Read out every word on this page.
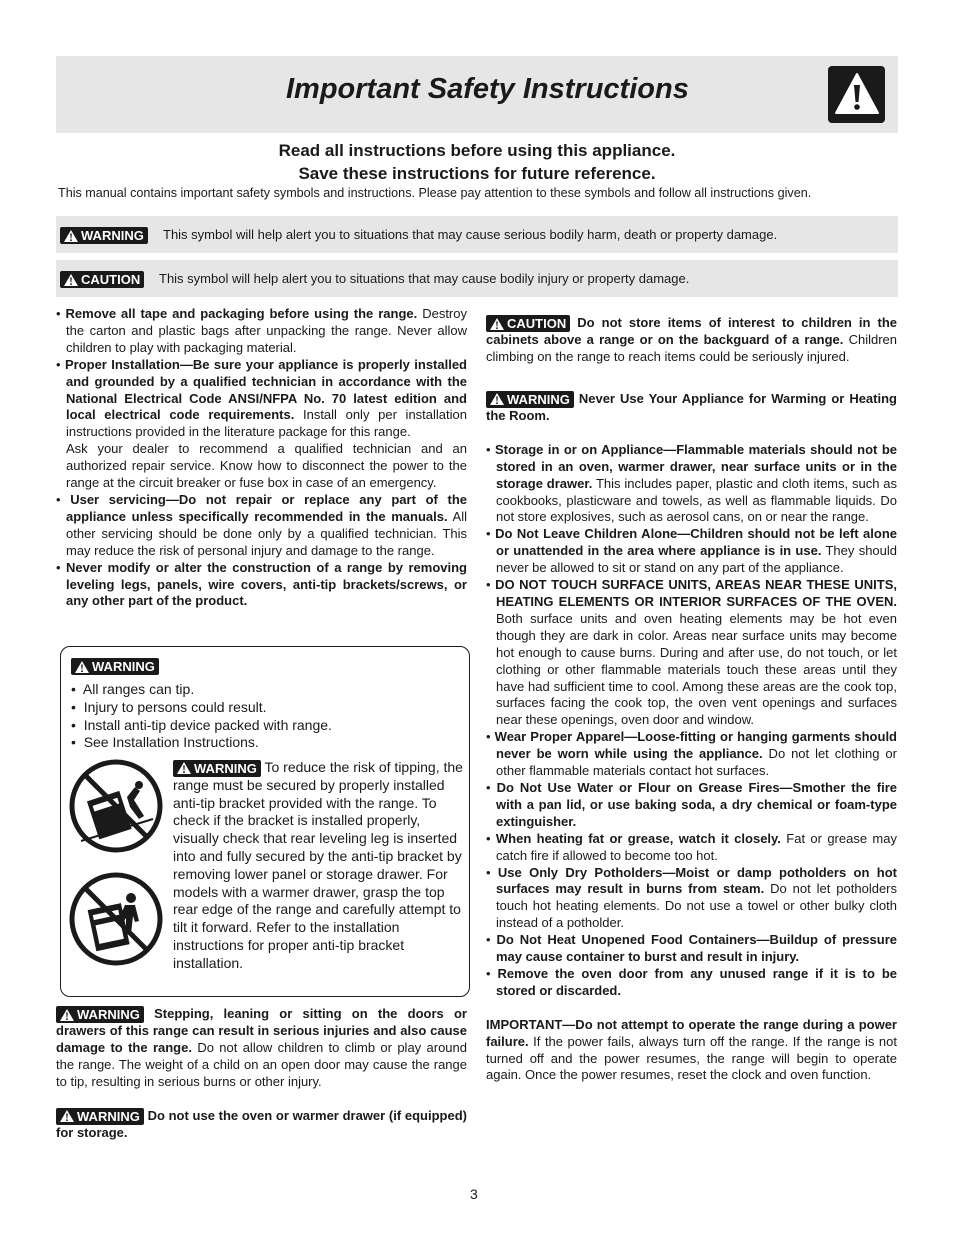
Important Safety Instructions
Read all instructions before using this appliance.
Save these instructions for future reference.
This manual contains important safety symbols and instructions. Please pay attention to these symbols and follow all instructions given.
WARNING This symbol will help alert you to situations that may cause serious bodily harm, death or property damage.
CAUTION This symbol will help alert you to situations that may cause bodily injury or property damage.

• Remove all tape and packaging before using the range. Destroy the carton and plastic bags after unpacking the range. Never allow children to play with packaging material.

• Proper Installation—Be sure your appliance is properly installed and grounded by a qualified technician in accordance with the National Electrical Code ANSI/NFPA No. 70 latest edition and local electrical code requirements. Install only per installation instructions provided in the literature package for this range.

Ask your dealer to recommend a qualified technician and an authorized repair service. Know how to disconnect the power to the range at the circuit breaker or fuse box in case of an emergency.

• User servicing—Do not repair or replace any part of the appliance unless specifically recommended in the manuals. All other servicing should be done only by a qualified technician. This may reduce the risk of personal injury and damage to the range.

• Never modify or alter the construction of a range by removing leveling legs, panels, wire covers, anti-tip brackets/screws, or any other part of the product.

WARNING
•  All ranges can tip.
•  Injury to persons could result.
•  Install anti-tip device packed with range.
•  See Installation Instructions.
WARNING To reduce the risk of tipping, the range must be secured by properly installed anti-tip bracket provided with the range. To check if the bracket is installed properly, visually check that rear leveling leg is inserted into and fully secured by the anti-tip bracket by removing lower panel or storage drawer. For models with a warmer drawer, grasp the top rear edge of the range and carefully attempt to tilt it forward. Refer to the installation instructions for proper anti-tip bracket installation.

WARNING Stepping, leaning or sitting on the doors or drawers of this range can result in serious injuries and also cause damage to the range. Do not allow children to climb or play around the range. The weight of a child on an open door may cause the range to tip, resulting in serious burns or other injury.

WARNING Do not use the oven or warmer drawer (if equipped) for storage.

CAUTION Do not store items of interest to children in the cabinets above a range or on the backguard of a range. Children climbing on the range to reach items could be seriously injured.

WARNING Never Use Your Appliance for Warming or Heating the Room.

• Storage in or on Appliance—Flammable materials should not be stored in an oven, warmer drawer, near surface units or in the storage drawer. This includes paper, plastic and cloth items, such as cookbooks, plasticware and towels, as well as flammable liquids. Do not store explosives, such as aerosol cans, on or near the range.

• Do Not Leave Children Alone—Children should not be left alone or unattended in the area where appliance is in use. They should never be allowed to sit or stand on any part of the appliance.

• DO NOT TOUCH SURFACE UNITS, AREAS NEAR THESE UNITS, HEATING ELEMENTS OR INTERIOR SURFACES OF THE OVEN. Both surface units and oven heating elements may be hot even though they are dark in color. Areas near surface units may become hot enough to cause burns. During and after use, do not touch, or let clothing or other flammable materials touch these areas until they have had sufficient time to cool. Among these areas are the cook top, surfaces facing the cook top, the oven vent openings and surfaces near these openings, oven door and window.

• Wear Proper Apparel—Loose-fitting or hanging garments should never be worn while using the appliance. Do not let clothing or other flammable materials contact hot surfaces.

• Do Not Use Water or Flour on Grease Fires—Smother the fire with a pan lid, or use baking soda, a dry chemical or foam-type extinguisher.

• When heating fat or grease, watch it closely. Fat or grease may catch fire if allowed to become too hot.

• Use Only Dry Potholders—Moist or damp potholders on hot surfaces may result in burns from steam. Do not let potholders touch hot heating elements. Do not use a towel or other bulky cloth instead of a potholder.

• Do Not Heat Unopened Food Containers—Buildup of pressure may cause container to burst and result in injury.

• Remove the oven door from any unused range if it is to be stored or discarded.

IMPORTANT—Do not attempt to operate the range during a power failure. If the power fails, always turn off the range. If the range is not turned off and the power resumes, the range will begin to operate again. Once the power resumes, reset the clock and oven function.

3
